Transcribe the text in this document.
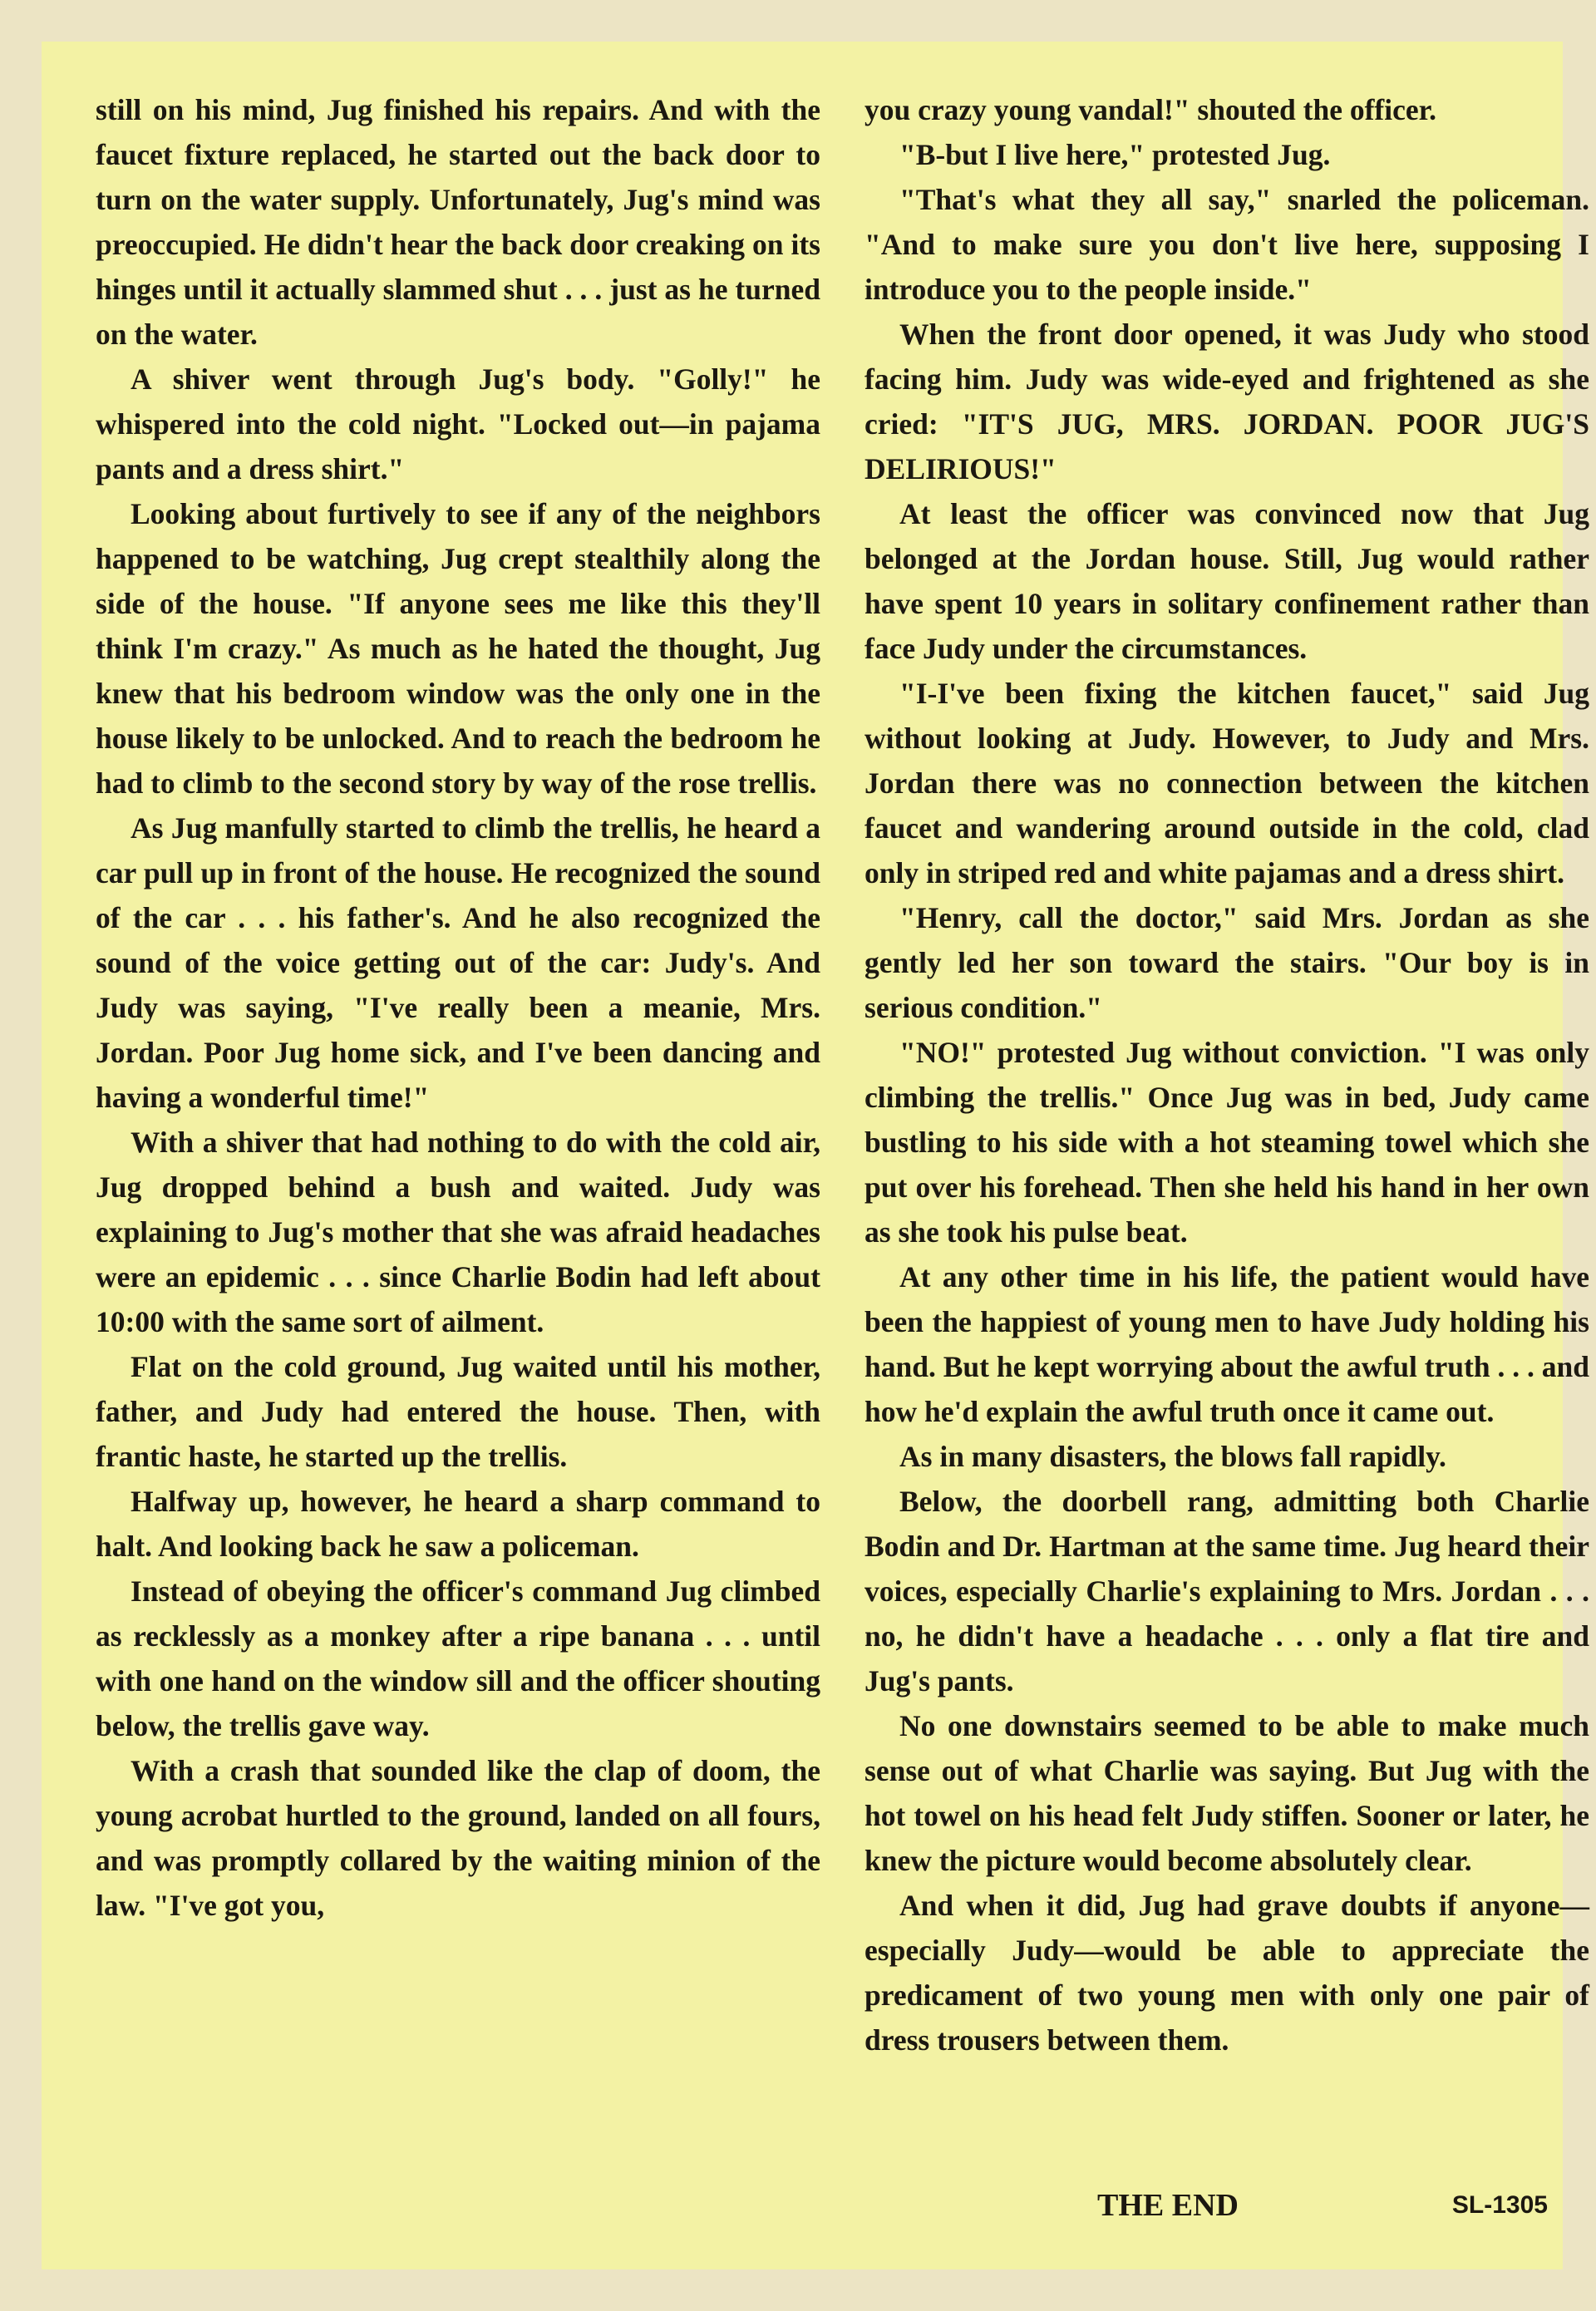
still on his mind, Jug finished his repairs. And with the faucet fixture replaced, he started out the back door to turn on the water supply. Unfortunately, Jug's mind was preoccupied. He didn't hear the back door creaking on its hinges until it actually slammed shut . . . just as he turned on the water.

A shiver went through Jug's body. "Golly!" he whispered into the cold night. "Locked out—in pajama pants and a dress shirt."

Looking about furtively to see if any of the neighbors happened to be watching, Jug crept stealthily along the side of the house. "If anyone sees me like this they'll think I'm crazy." As much as he hated the thought, Jug knew that his bedroom window was the only one in the house likely to be unlocked. And to reach the bedroom he had to climb to the second story by way of the rose trellis.

As Jug manfully started to climb the trellis, he heard a car pull up in front of the house. He recognized the sound of the car . . . his father's. And he also recognized the sound of the voice getting out of the car: Judy's. And Judy was saying, "I've really been a meanie, Mrs. Jordan. Poor Jug home sick, and I've been dancing and having a wonderful time!"

With a shiver that had nothing to do with the cold air, Jug dropped behind a bush and waited. Judy was explaining to Jug's mother that she was afraid headaches were an epidemic . . . since Charlie Bodin had left about 10:00 with the same sort of ailment.

Flat on the cold ground, Jug waited until his mother, father, and Judy had entered the house. Then, with frantic haste, he started up the trellis.

Halfway up, however, he heard a sharp command to halt. And looking back he saw a policeman.

Instead of obeying the officer's command Jug climbed as recklessly as a monkey after a ripe banana . . . until with one hand on the window sill and the officer shouting below, the trellis gave way.

With a crash that sounded like the clap of doom, the young acrobat hurtled to the ground, landed on all fours, and was promptly collared by the waiting minion of the law. "I've got you,

you crazy young vandal!" shouted the officer.

"B-but I live here," protested Jug.

"That's what they all say," snarled the policeman. "And to make sure you don't live here, supposing I introduce you to the people inside."

When the front door opened, it was Judy who stood facing him. Judy was wide-eyed and frightened as she cried: "IT'S JUG, MRS. JORDAN. POOR JUG'S DELIRIOUS!"

At least the officer was convinced now that Jug belonged at the Jordan house. Still, Jug would rather have spent 10 years in solitary confinement rather than face Judy under the circumstances.

"I-I've been fixing the kitchen faucet," said Jug without looking at Judy. However, to Judy and Mrs. Jordan there was no connection between the kitchen faucet and wandering around outside in the cold, clad only in striped red and white pajamas and a dress shirt.

"Henry, call the doctor," said Mrs. Jordan as she gently led her son toward the stairs. "Our boy is in serious condition."

"NO!" protested Jug without conviction. "I was only climbing the trellis." Once Jug was in bed, Judy came bustling to his side with a hot steaming towel which she put over his forehead. Then she held his hand in her own as she took his pulse beat.

At any other time in his life, the patient would have been the happiest of young men to have Judy holding his hand. But he kept worrying about the awful truth . . . and how he'd explain the awful truth once it came out.

As in many disasters, the blows fall rapidly.

Below, the doorbell rang, admitting both Charlie Bodin and Dr. Hartman at the same time. Jug heard their voices, especially Charlie's explaining to Mrs. Jordan . . . no, he didn't have a headache . . . only a flat tire and Jug's pants.

No one downstairs seemed to be able to make much sense out of what Charlie was saying. But Jug with the hot towel on his head felt Judy stiffen. Sooner or later, he knew the picture would become absolutely clear.

And when it did, Jug had grave doubts if anyone—especially Judy—would be able to appreciate the predicament of two young men with only one pair of dress trousers between them.

THE END	SL-1305
